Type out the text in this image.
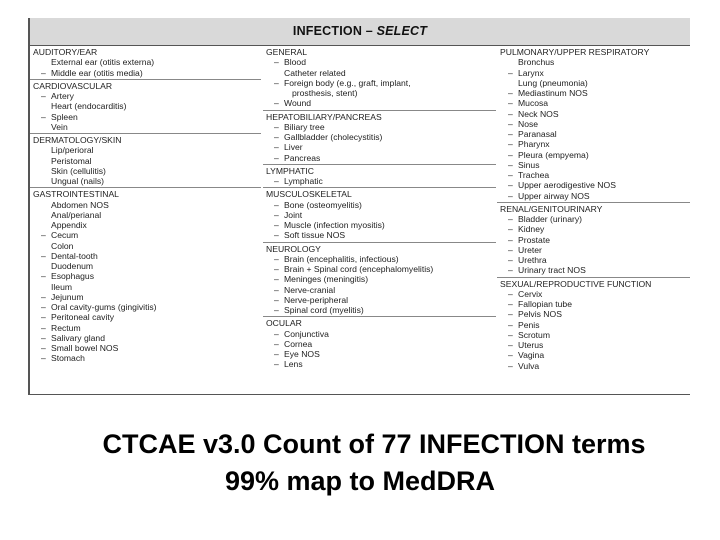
INFECTION – SELECT
AUDITORY/EAR
External ear (otitis externa)
– Middle ear (otitis media)
CARDIOVASCULAR
– Artery
Heart (endocarditis)
– Spleen
Vein
DERMATOLOGY/SKIN
Lip/perioral
Peristomal
Skin (cellulitis)
Ungual (nails)
GASTROINTESTINAL
Abdomen NOS
Anal/perianal
Appendix
– Cecum
Colon
– Dental-tooth
Duodenum
– Esophagus
Ileum
– Jejunum
– Oral cavity-gums (gingivitis)
– Peritoneal cavity
– Rectum
– Salivary gland
– Small bowel NOS
– Stomach
GENERAL
– Blood
Catheter related
– Foreign body (e.g., graft, implant,
prosthesis, stent)
– Wound
HEPATOBILIARY/PANCREAS
– Biliary tree
– Gallbladder (cholecystitis)
– Liver
– Pancreas
LYMPHATIC
– Lymphatic
MUSCULOSKELETAL
– Bone (osteomyelitis)
– Joint
– Muscle (infection myositis)
– Soft tissue NOS
NEUROLOGY
– Brain (encephalitis, infectious)
– Brain + Spinal cord (encephalomyelitis)
– Meninges (meningitis)
– Nerve-cranial
– Nerve-peripheral
– Spinal cord (myelitis)
OCULAR
– Conjunctiva
– Cornea
– Eye NOS
– Lens
PULMONARY/UPPER RESPIRATORY
Bronchus
– Larynx
Lung (pneumonia)
– Mediastinum NOS
– Mucosa
– Neck NOS
– Nose
– Paranasal
– Pharynx
– Pleura (empyema)
– Sinus
– Trachea
– Upper aerodigestive NOS
– Upper airway NOS
RENAL/GENITOURINARY
– Bladder (urinary)
– Kidney
– Prostate
– Ureter
– Urethra
– Urinary tract NOS
SEXUAL/REPRODUCTIVE FUNCTION
– Cervix
– Fallopian tube
– Pelvis NOS
– Penis
– Scrotum
– Uterus
– Vagina
– Vulva
CTCAE v3.0 Count of 77 INFECTION terms
99% map to MedDRA
